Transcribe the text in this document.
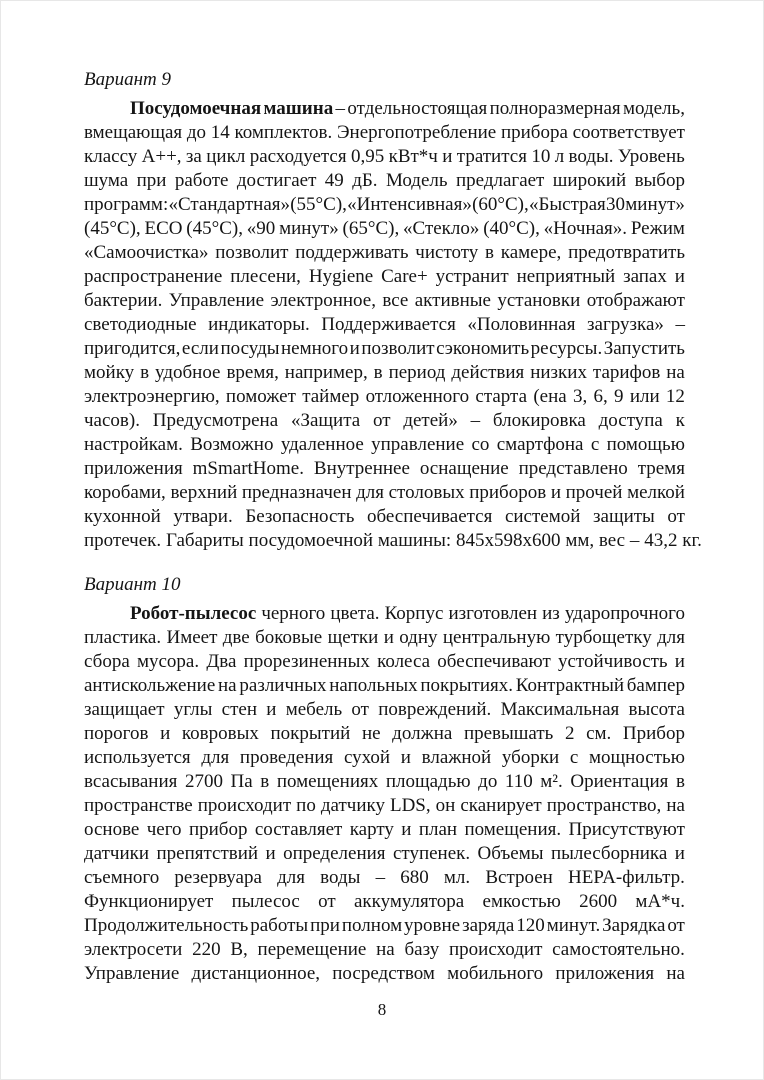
Вариант 9
Посудомоечная машина – отдельностоящая полноразмерная модель,
вмещающая до 14 комплектов. Энергопотребление прибора соответствует
классу А++, за цикл расходуется 0,95 кВт*ч и тратится 10 л воды. Уровень
шума при работе достигает 49 дБ. Модель предлагает широкий выбор
программ: «Стандартная» (55°С), «Интенсивная» (60°С), «Быстрая 30 минут»
(45°С), ECO (45°С), «90 минут» (65°С), «Стекло» (40°С), «Ночная». Режим
«Самоочистка» позволит поддерживать чистоту в камере, предотвратить
распространение плесени, Hygiene Care+ устранит неприятный запах и
бактерии. Управление электронное, все активные установки отображают
светодиодные индикаторы. Поддерживается «Половинная загрузка» –
пригодится, если посуды немного и позволит сэкономить ресурсы. Запустить
мойку в удобное время, например, в период действия низких тарифов на
электроэнергию, поможет таймер отложенного старта (ена 3, 6, 9 или 12
часов). Предусмотрена «Защита от детей» – блокировка доступа к
настройкам. Возможно удаленное управление со смартфона с помощью
приложения mSmartHome. Внутреннее оснащение представлено тремя
коробами, верхний предназначен для столовых приборов и прочей мелкой
кухонной утвари. Безопасность обеспечивается системой защиты от
протечек. Габариты посудомоечной машины: 845х598х600 мм, вес – 43,2 кг.
Вариант 10
Робот-пылесос черного цвета. Корпус изготовлен из ударопрочного
пластика. Имеет две боковые щетки и одну центральную турбощетку для
сбора мусора. Два прорезиненных колеса обеспечивают устойчивость и
антискольжение на различных напольных покрытиях. Контрактный бампер
защищает углы стен и мебель от повреждений. Максимальная высота
порогов и ковровых покрытий не должна превышать 2 см. Прибор
используется для проведения сухой и влажной уборки с мощностью
всасывания 2700 Па в помещениях площадью до 110 м². Ориентация в
пространстве происходит по датчику LDS, он сканирует пространство, на
основе чего прибор составляет карту и план помещения. Присутствуют
датчики препятствий и определения ступенек. Объемы пылесборника и
съемного резервуара для воды – 680 мл. Встроен HEPA-фильтр.
Функционирует пылесос от аккумулятора емкостью 2600 мА*ч.
Продолжительность работы при полном уровне заряда 120 минут. Зарядка от
электросети 220 В, перемещение на базу происходит самостоятельно.
Управление дистанционное, посредством мобильного приложения на
8
